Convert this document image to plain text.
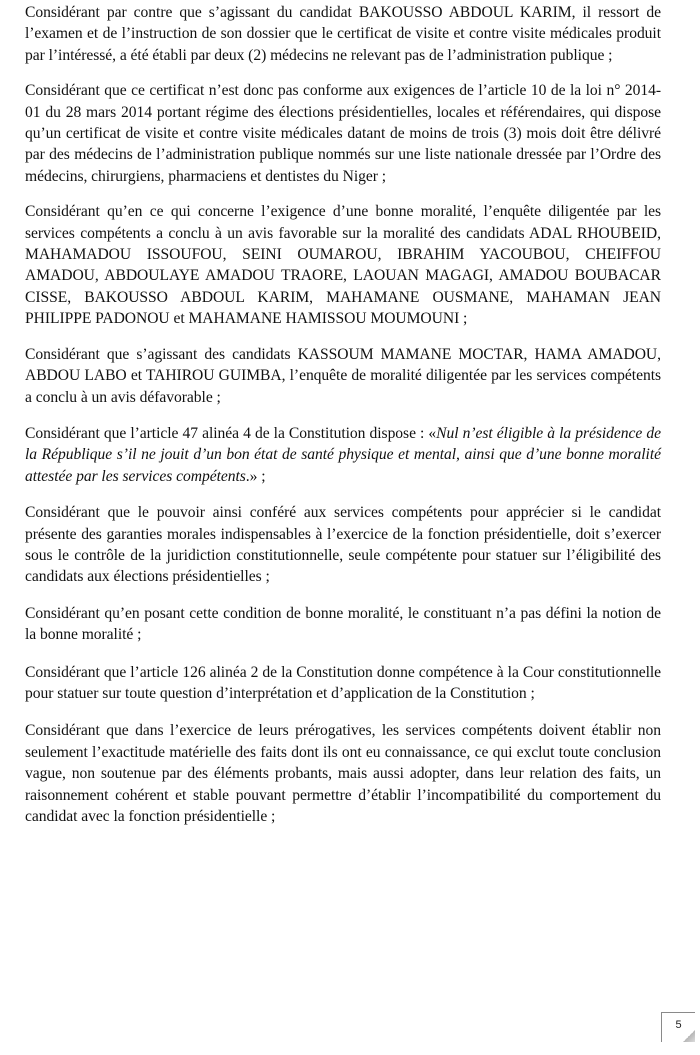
Considérant par contre que s’agissant du candidat BAKOUSSO ABDOUL KARIM, il ressort de l’examen et de l’instruction de son dossier que le certificat de visite et contre visite médicales produit par l’intéressé, a été établi par deux (2) médecins ne relevant pas de l’administration publique ;

Considérant que ce certificat n’est donc pas conforme aux exigences de l’article 10 de la loi n° 2014-01 du 28 mars 2014 portant régime des élections présidentielles, locales et référendaires, qui dispose qu’un certificat de visite et contre visite médicales datant de moins de trois (3) mois doit être délivré par des médecins de l’administration publique nommés sur une liste nationale dressée par l’Ordre des médecins, chirurgiens, pharmaciens et dentistes du Niger ;

Considérant qu’en ce qui concerne l’exigence d’une bonne moralité, l’enquête diligentée par les services compétents a conclu à un avis favorable sur la moralité des candidats ADAL RHOUBEID, MAHAMADOU ISSOUFOU, SEINI OUMAROU, IBRAHIM YACOUBOU, CHEIFFOU AMADOU, ABDOULAYE AMADOU TRAORE, LAOUAN MAGAGI, AMADOU BOUBACAR CISSE, BAKOUSSO ABDOUL KARIM, MAHAMANE OUSMANE, MAHAMAN JEAN PHILIPPE PADONOU et MAHAMANE HAMISSOU MOUMOUNI ;

Considérant que s’agissant des candidats KASSOUM MAMANE MOCTAR, HAMA AMADOU, ABDOU LABO et TAHIROU GUIMBA, l’enquête de moralité diligentée par les services compétents a conclu à un avis défavorable ;

Considérant que l’article 47 alinéa 4 de la Constitution dispose : «Nul n’est éligible à la présidence de la République s’il ne jouit d’un bon état de santé physique et mental, ainsi que d’une bonne moralité attestée par les services compétents.» ;

Considérant que le pouvoir ainsi conféré aux services compétents pour apprécier si le candidat présente des garanties morales indispensables à l’exercice de la fonction présidentielle, doit s’exercer sous le contrôle de la juridiction constitutionnelle, seule compétente pour statuer sur l’éligibilité des candidats aux élections présidentielles ;

Considérant qu’en posant cette condition de bonne moralité, le constituant n’a pas défini la notion de la bonne moralité ;

Considérant que l’article 126 alinéa 2 de la Constitution donne compétence à la Cour constitutionnelle pour statuer sur toute question d’interprétation et d’application de la Constitution ;

Considérant que dans l’exercice de leurs prérogatives, les services compétents doivent établir non seulement l’exactitude matérielle des faits dont ils ont eu connaissance, ce qui exclut toute conclusion vague, non soutenue par des éléments probants, mais aussi adopter, dans leur relation des faits, un raisonnement cohérent et stable pouvant permettre d’établir l’incompatibilité du comportement du candidat avec la fonction présidentielle ;

5
